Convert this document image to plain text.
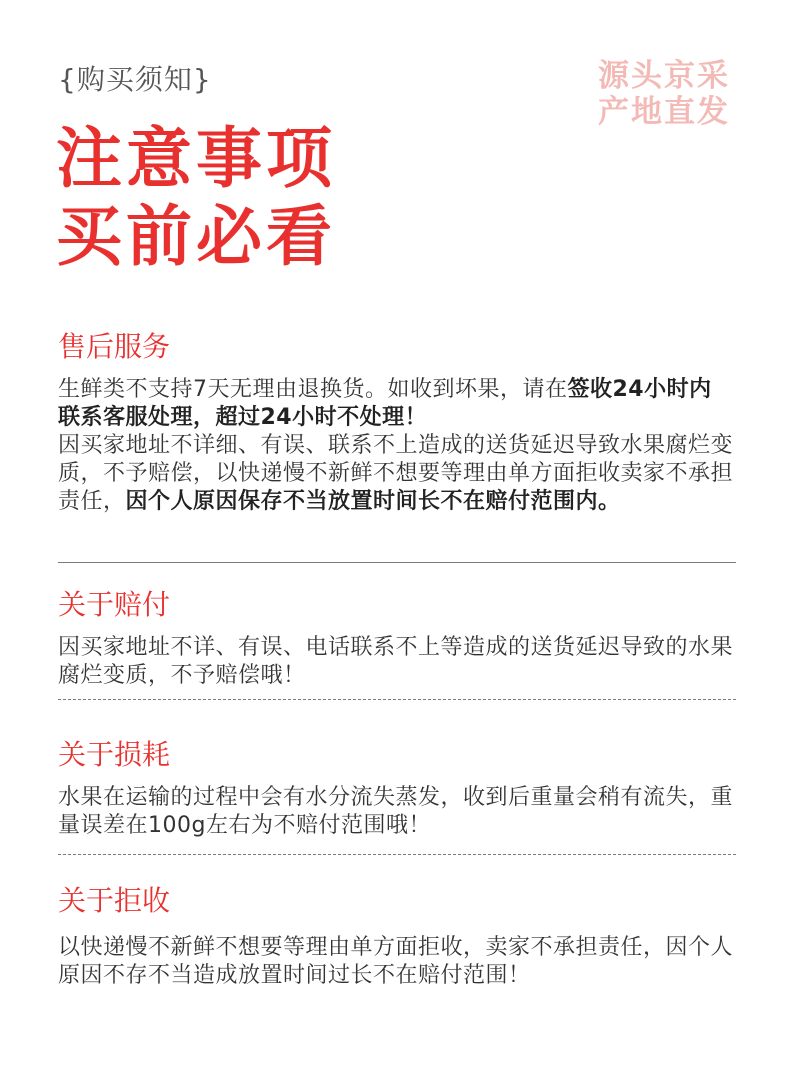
{购买须知}	源头京采
产地直发
注意事项
买前必看
售后服务
生鲜类不支持7天无理由退换货。如收到坏果，请在签收24小时内联系客服处理，超过24小时不处理！
因买家地址不详细、有误、联系不上造成的送货延迟导致水果腐烂变质，不予赔偿，以快递慢不新鲜不想要等理由单方面拒收卖家不承担责任，因个人原因保存不当放置时间长不在赔付范围内。
关于赔付
因买家地址不详、有误、电话联系不上等造成的送货延迟导致的水果腐烂变质，不予赔偿哦！
关于损耗
水果在运输的过程中会有水分流失蒸发，收到后重量会稍有流失，重量误差在100g左右为不赔付范围哦！
关于拒收
以快递慢不新鲜不想要等理由单方面拒收，卖家不承担责任，因个人原因不存不当造成放置时间过长不在赔付范围！
